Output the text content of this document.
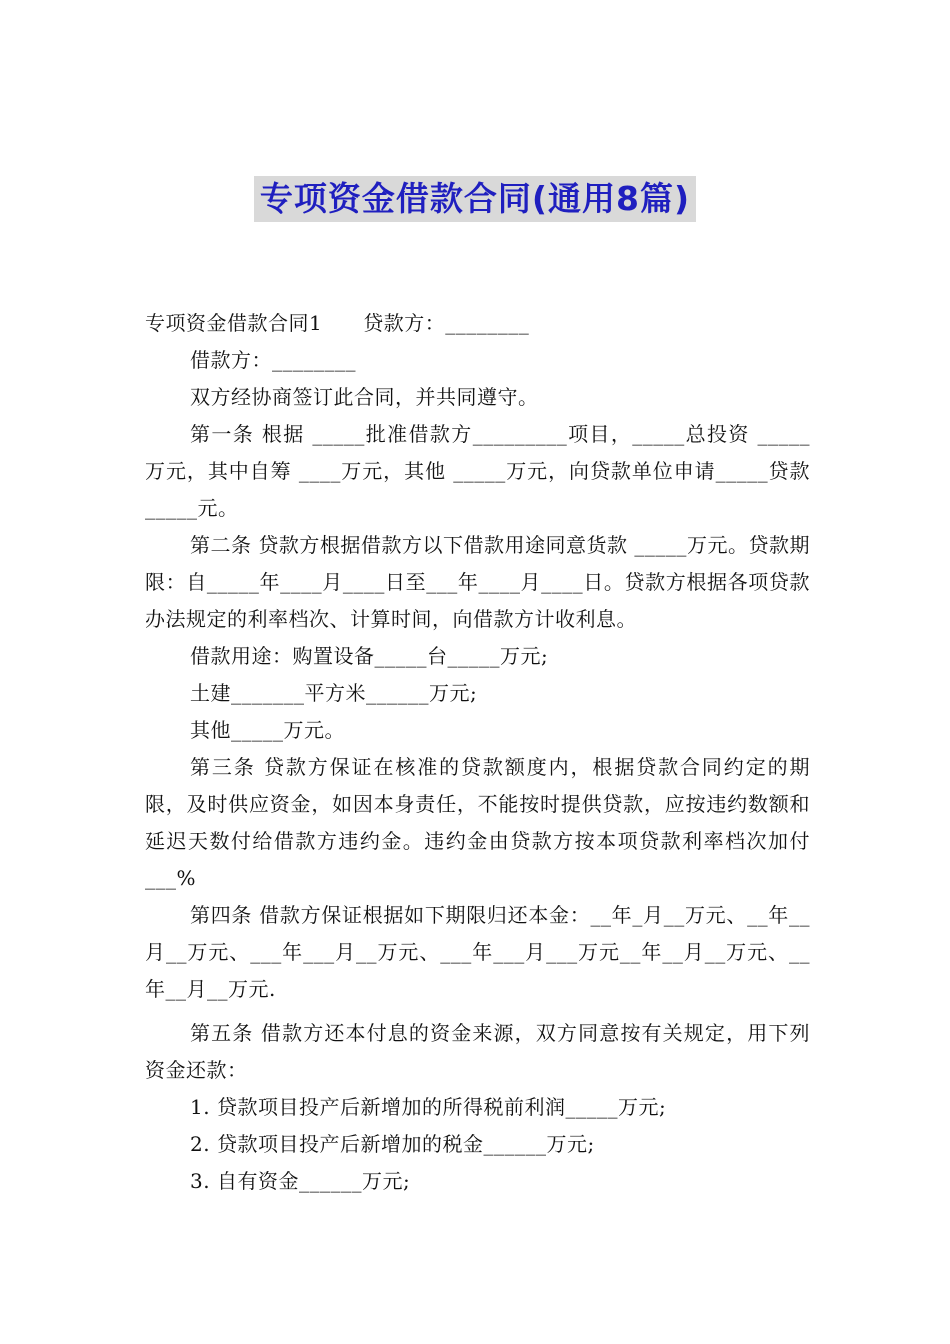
专项资金借款合同(通用8篇)

专项资金借款合同1　　贷款方：________

借款方：________

双方经协商签订此合同，并共同遵守。

第一条 根据 _____批准借款方_________项目，_____总投资 _____万元，其中自筹 ____万元，其他 _____万元，向贷款单位申请_____贷款_____元。

第二条 贷款方根据借款方以下借款用途同意货款 _____万元。贷款期限：自_____年____月____日至___年____月____日。贷款方根据各项贷款办法规定的利率档次、计算时间，向借款方计收利息。

借款用途：购置设备_____台_____万元;

土建_______平方米______万元;

其他_____万元。

第三条 贷款方保证在核准的贷款额度内，根据贷款合同约定的期限，及时供应资金，如因本身责任，不能按时提供贷款，应按违约数额和延迟天数付给借款方违约金。违约金由贷款方按本项贷款利率档次加付___%

第四条 借款方保证根据如下期限归还本金：__年_月__万元、__年__月__万元、___年___月__万元、___年___月___万元__年__月__万元、__年__月__万元.

第五条 借款方还本付息的资金来源，双方同意按有关规定，用下列资金还款：

1. 贷款项目投产后新增加的所得税前利润_____万元;

2. 贷款项目投产后新增加的税金______万元;

3. 自有资金______万元;
